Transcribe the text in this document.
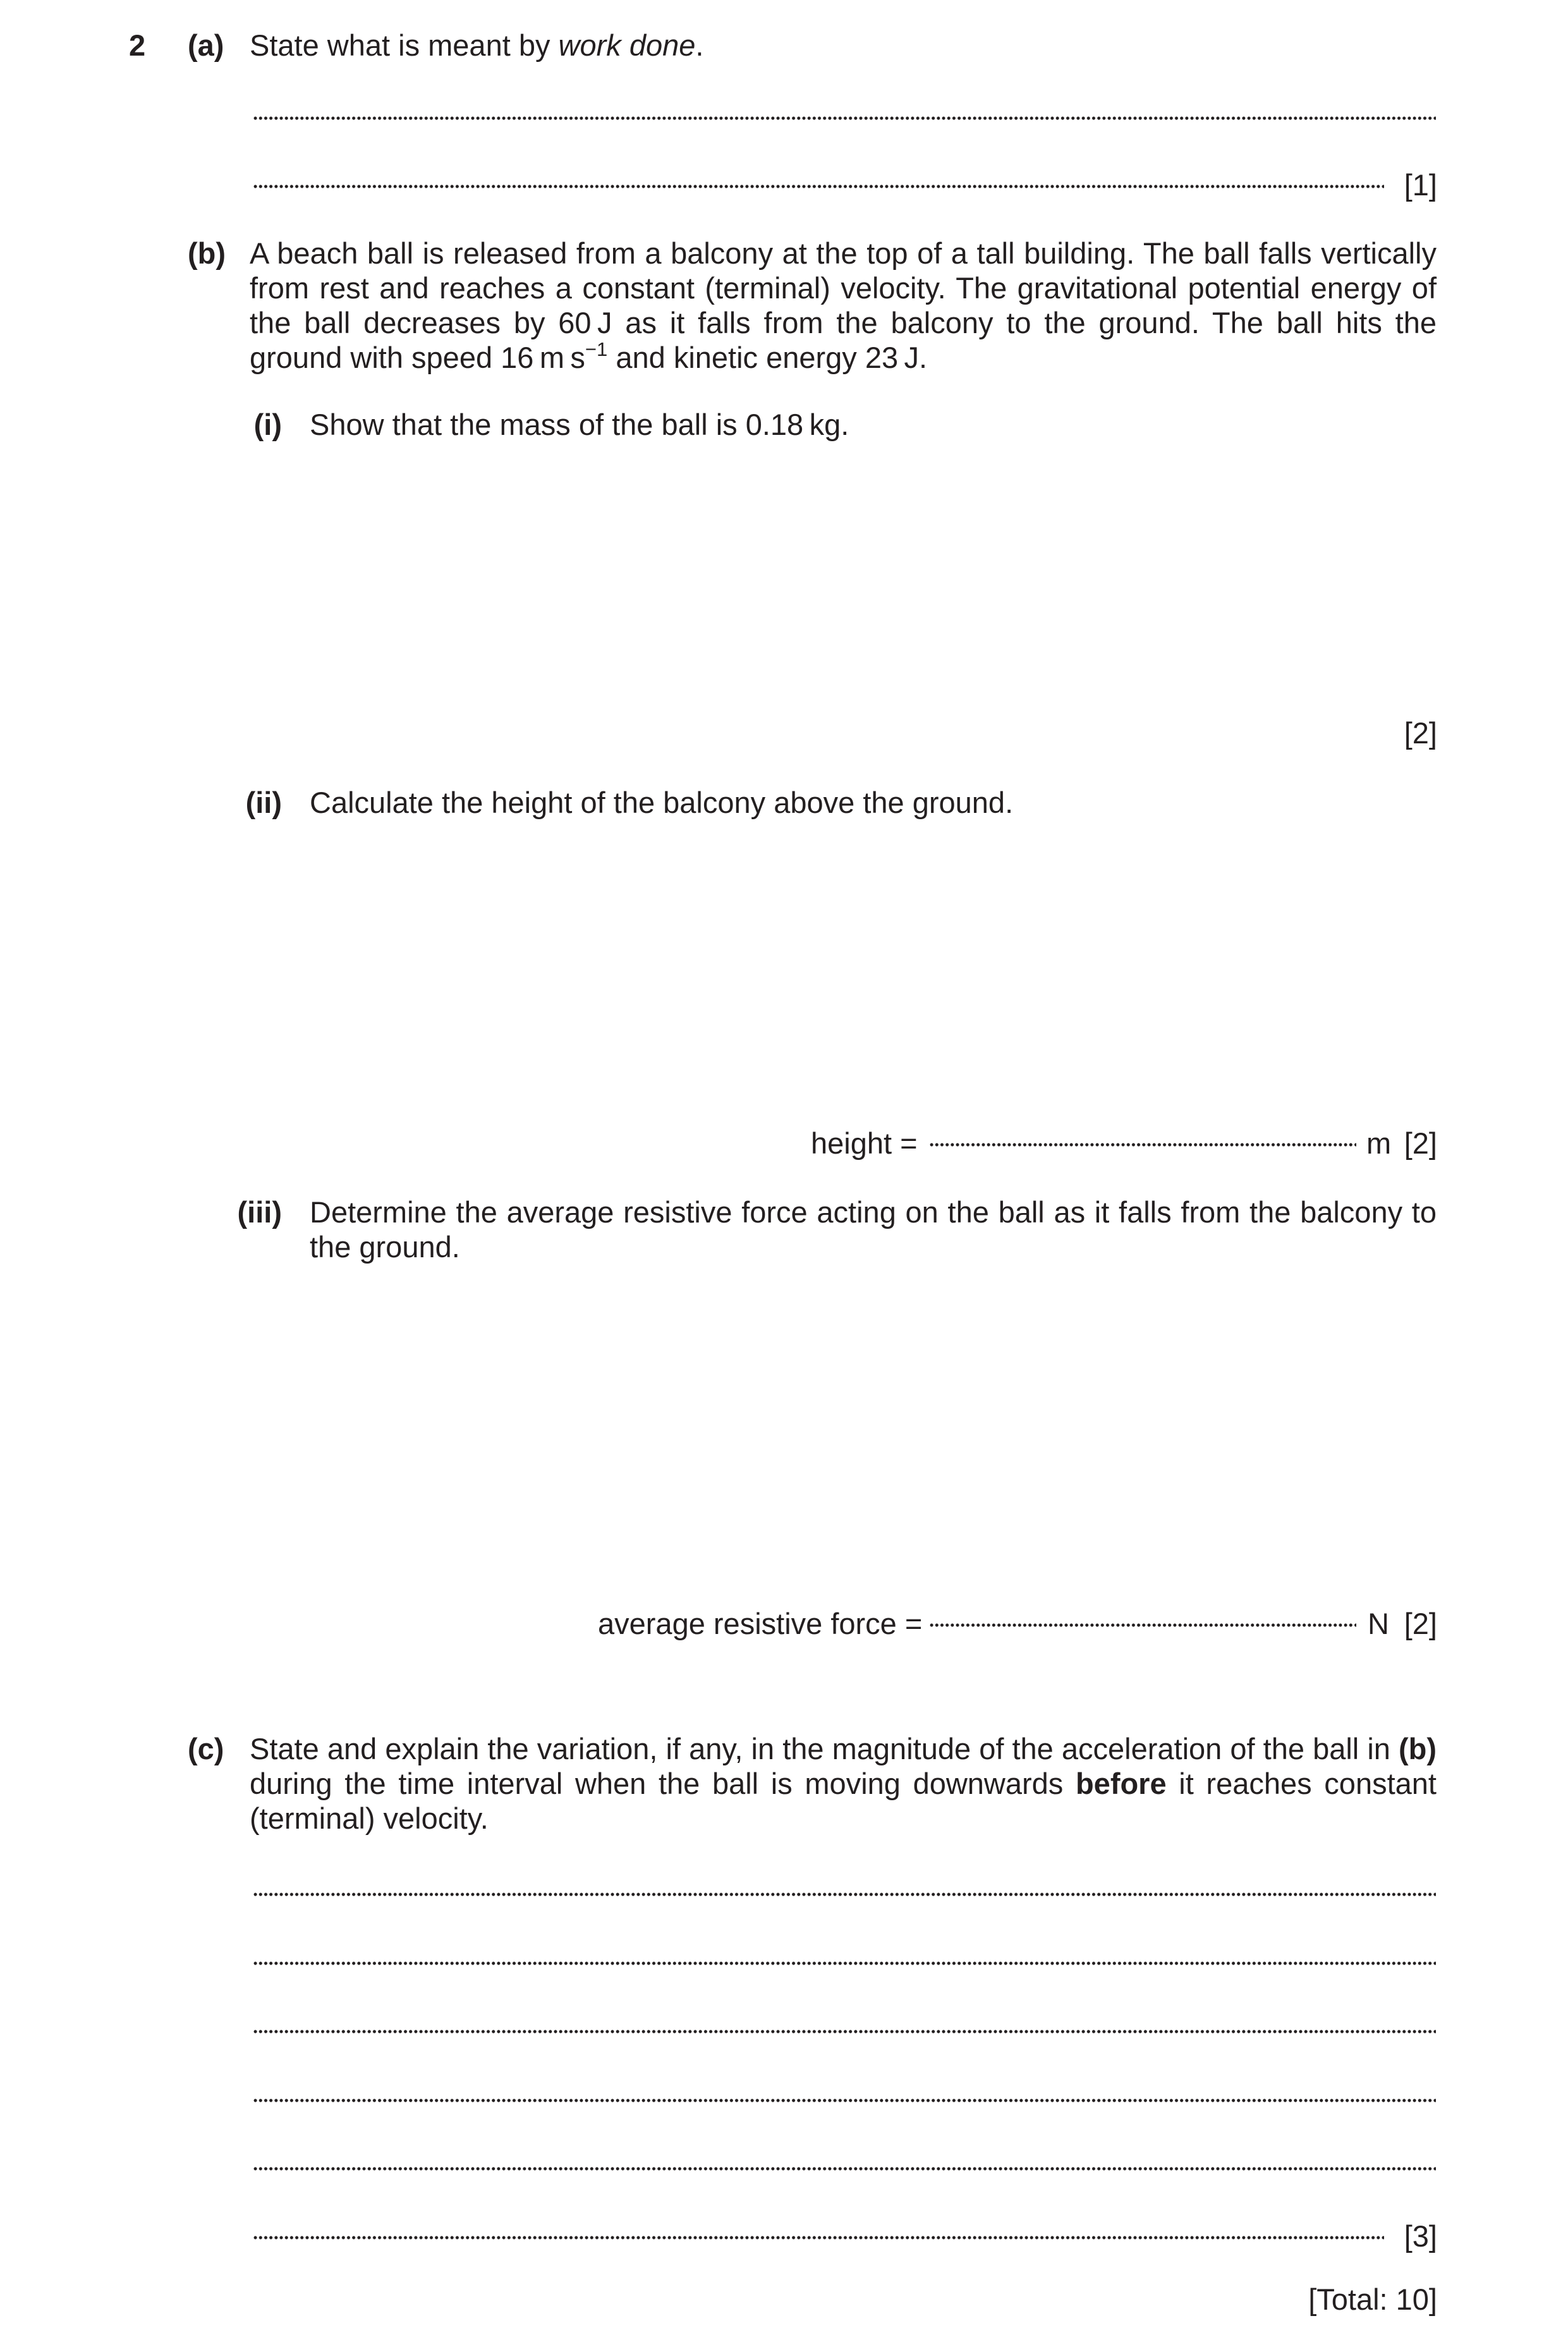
2 (a) State what is meant by work done.
[1]
(b) A beach ball is released from a balcony at the top of a tall building. The ball falls vertically from rest and reaches a constant (terminal) velocity. The gravitational potential energy of the ball decreases by 60 J as it falls from the balcony to the ground. The ball hits the ground with speed 16 m $s^{-1}$ and kinetic energy 23 J.
(i) Show that the mass of the ball is 0.18 kg.
[2]
(ii) Calculate the height of the balcony above the ground.
height =	m [2]
(iii) Determine the average resistive force acting on the ball as it falls from the balcony to the ground.
average resistive force =	N [2]
(c) State and explain the variation, if any, in the magnitude of the acceleration of the ball in (b) during the time interval when the ball is moving downwards before it reaches constant (terminal) velocity.
[3]
[Total: 10]
